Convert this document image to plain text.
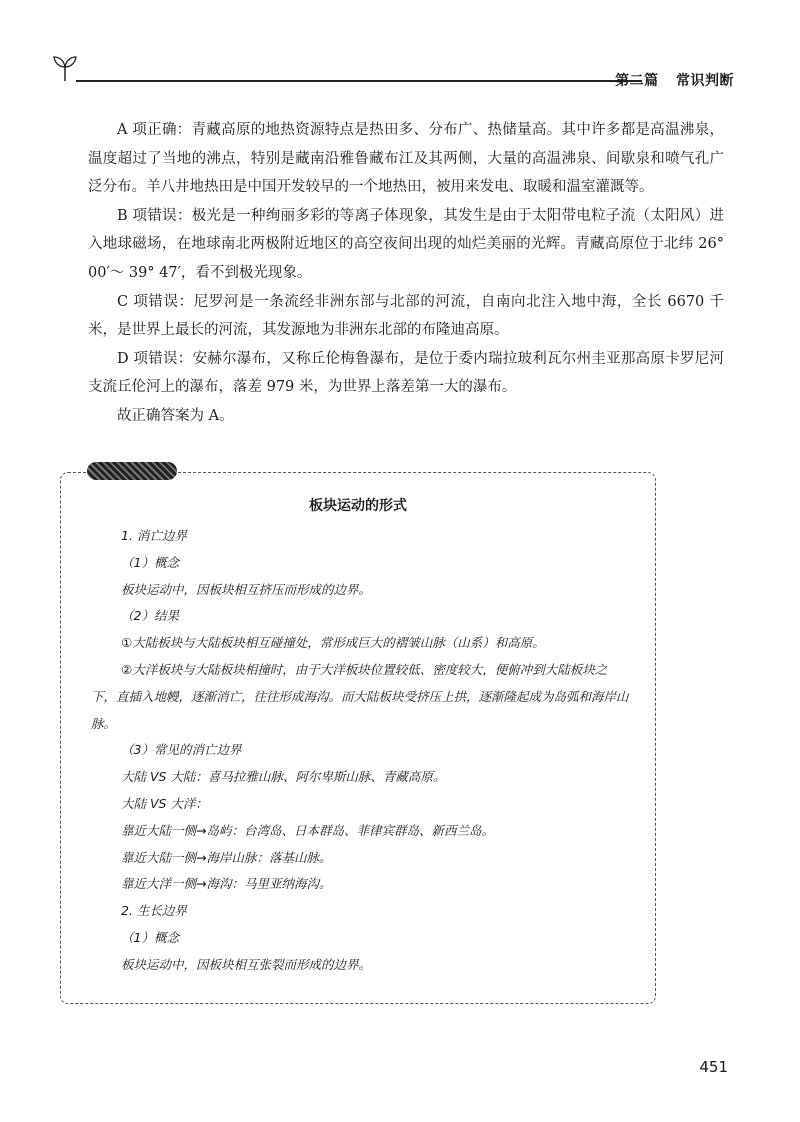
第二篇 常识判断

A 项正确：青藏高原的地热资源特点是热田多、分布广、热储量高。其中许多都是高温沸泉，温度超过了当地的沸点，特别是藏南沿雅鲁藏布江及其两侧，大量的高温沸泉、间歇泉和喷气孔广泛分布。羊八井地热田是中国开发较早的一个地热田，被用来发电、取暖和温室灌溉等。

B 项错误：极光是一种绚丽多彩的等离子体现象，其发生是由于太阳带电粒子流（太阳风）进入地球磁场，在地球南北两极附近地区的高空夜间出现的灿烂美丽的光辉。青藏高原位于北纬 26° 00′～ 39° 47′，看不到极光现象。

C 项错误：尼罗河是一条流经非洲东部与北部的河流，自南向北注入地中海，全长 6670 千米，是世界上最长的河流，其发源地为非洲东北部的布隆迪高原。

D 项错误：安赫尔瀑布，又称丘伦梅鲁瀑布，是位于委内瑞拉玻利瓦尔州圭亚那高原卡罗尼河支流丘伦河上的瀑布，落差 979 米，为世界上落差第一大的瀑布。

故正确答案为 A。

板块运动的形式
1. 消亡边界
（1）概念
板块运动中，因板块相互挤压而形成的边界。
（2）结果
①大陆板块与大陆板块相互碰撞处，常形成巨大的褶皱山脉（山系）和高原。
②大洋板块与大陆板块相撞时，由于大洋板块位置较低、密度较大，便俯冲到大陆板块之下，直插入地幔，逐渐消亡，往往形成海沟。而大陆板块受挤压上拱，逐渐隆起成为岛弧和海岸山脉。
（3）常见的消亡边界
大陆 VS 大陆：喜马拉雅山脉、阿尔卑斯山脉、青藏高原。
大陆 VS 大洋：
靠近大陆一侧→岛屿：台湾岛、日本群岛、菲律宾群岛、新西兰岛。
靠近大陆一侧→海岸山脉：落基山脉。
靠近大洋一侧→海沟：马里亚纳海沟。
2. 生长边界
（1）概念
板块运动中，因板块相互张裂而形成的边界。
451
